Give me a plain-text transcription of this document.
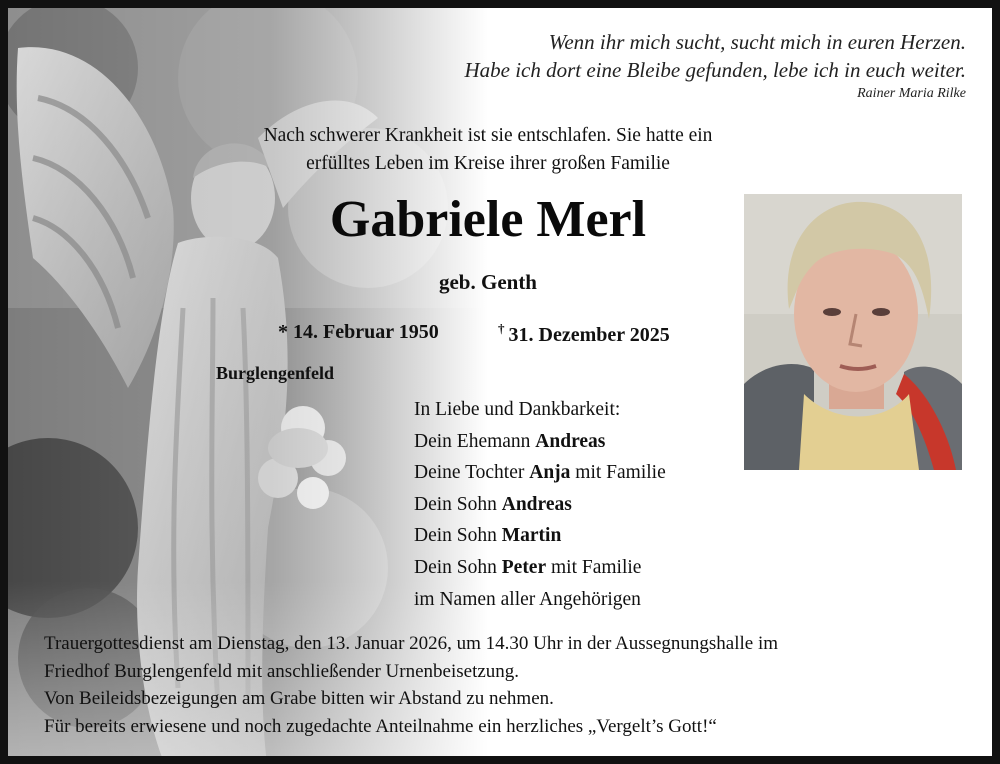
Wenn ihr mich sucht, sucht mich in euren Herzen.
Habe ich dort eine Bleibe gefunden, lebe ich in euch weiter.
Rainer Maria Rilke
Nach schwerer Krankheit ist sie entschlafen. Sie hatte ein
erfülltes Leben im Kreise ihrer großen Familie
Gabriele Merl
geb. Genth
* 14. Februar 1950	† 31. Dezember 2025
Burglengenfeld
In Liebe und Dankbarkeit:
Dein Ehemann Andreas
Deine Tochter Anja mit Familie
Dein Sohn Andreas
Dein Sohn Martin
Dein Sohn Peter mit Familie
im Namen aller Angehörigen
Trauergottesdienst am Dienstag, den 13. Januar 2026, um 14.30 Uhr in der Aussegnungshalle im
Friedhof Burglengenfeld mit anschließender Urnenbeisetzung.
Von Beileidsbezeigungen am Grabe bitten wir Abstand zu nehmen.
Für bereits erwiesene und noch zugedachte Anteilnahme ein herzliches „Vergelt’s Gott!“
